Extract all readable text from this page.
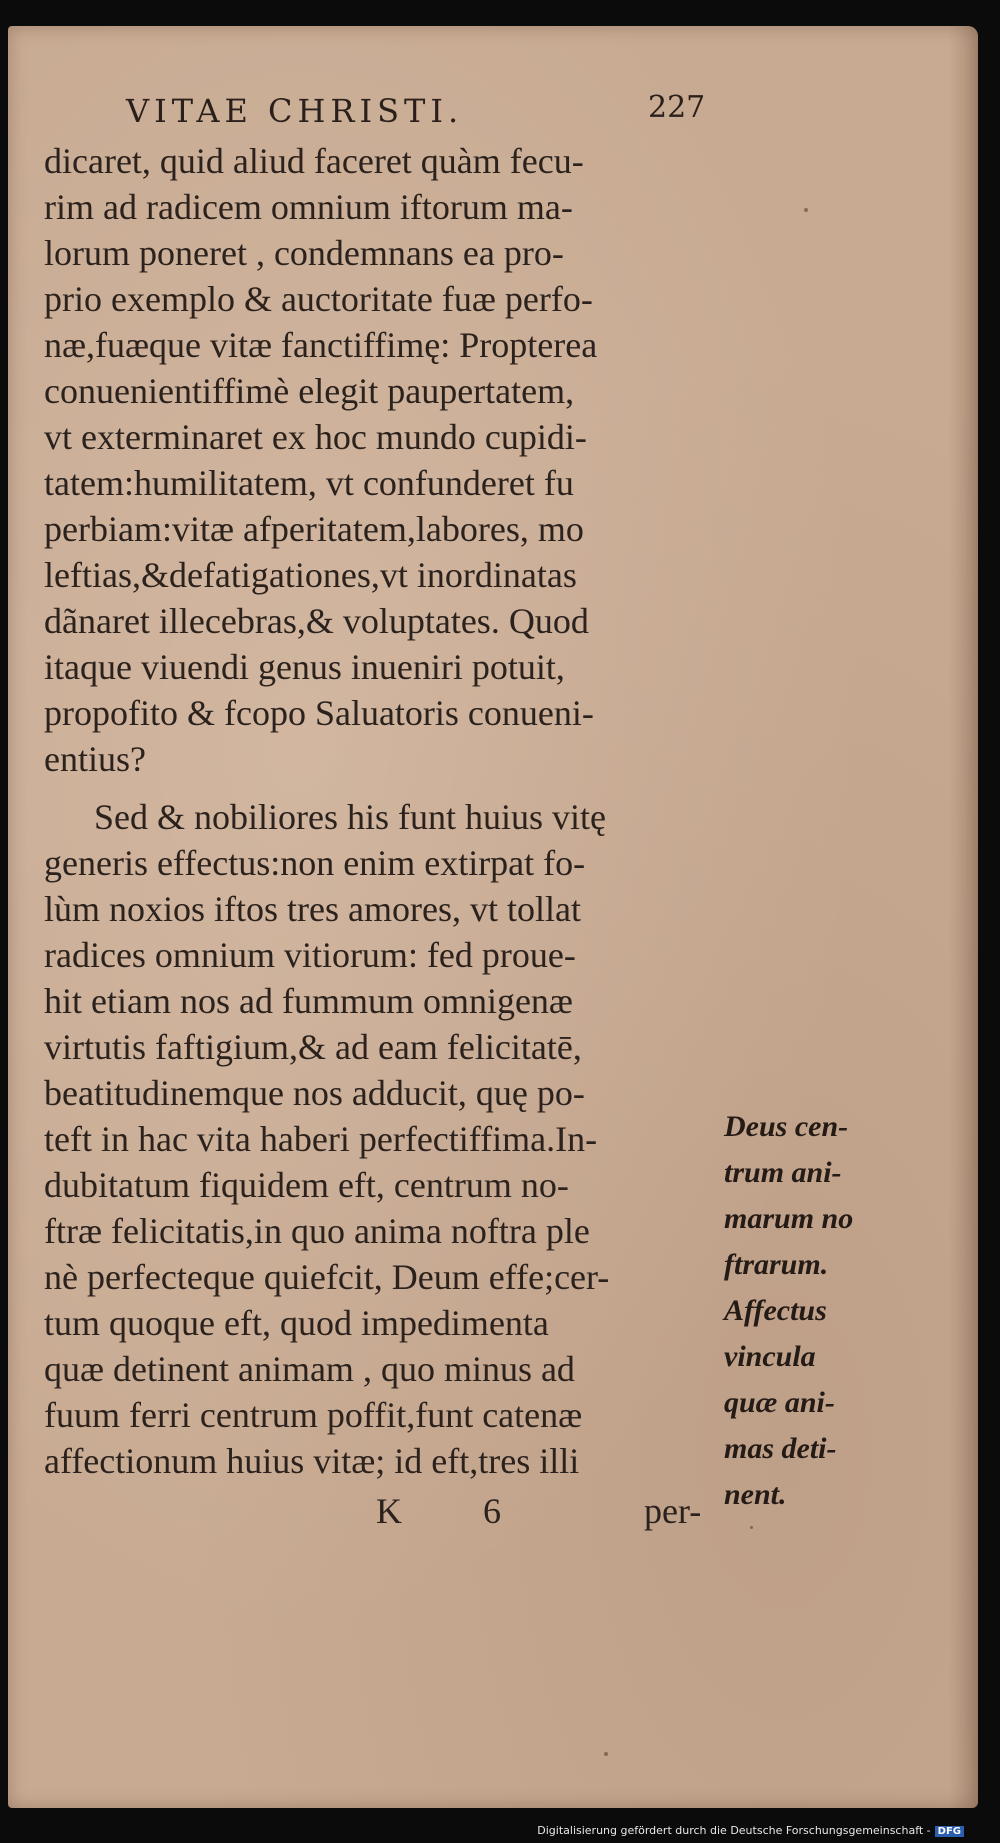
VITAE CHRISTI.	227
dicaret, quid aliud faceret quàm fecu-
rim ad radicem omnium iftorum ma-
lorum poneret , condemnans ea pro-
prio exemplo & auctoritate fuæ perfo-
næ,fuæque vitæ fanctiffimę: Propterea
conuenientiffimè elegit paupertatem,
vt exterminaret ex hoc mundo cupidi-
tatem:humilitatem, vt confunderet fu
perbiam:vitæ afperitatem,labores, mo
leftias,&defatigationes,vt inordinatas
dãnaret illecebras,& voluptates. Quod
itaque viuendi genus inueniri potuit,
propofito & fcopo Saluatoris conueni-
entius?
Sed & nobiliores his funt huius vitę
generis effectus:non enim extirpat fo-
lùm noxios iftos tres amores, vt tollat
radices omnium vitiorum: fed proue-
hit etiam nos ad fummum omnigenæ
virtutis faftigium,& ad eam felicitatē,
beatitudinemque nos adducit, quę po-
teft in hac vita haberi perfectiffima.In-
dubitatum fiquidem eft, centrum no-
ftræ felicitatis,in quo anima noftra ple
nè perfecteque quiefcit, Deum effe;cer-
tum quoque eft, quod impedimenta
quæ detinent animam , quo minus ad
fuum ferri centrum poffit,funt catenæ
affectionum huius vitæ; id eft,tres illi
Deus cen-
trum ani-
marum no
ftrarum.
Affectus
vincula
quæ ani-
mas deti-
nent.
K 6	per-
Digitalisierung gefördert durch die Deutsche Forschungsgemeinschaft - DFG
